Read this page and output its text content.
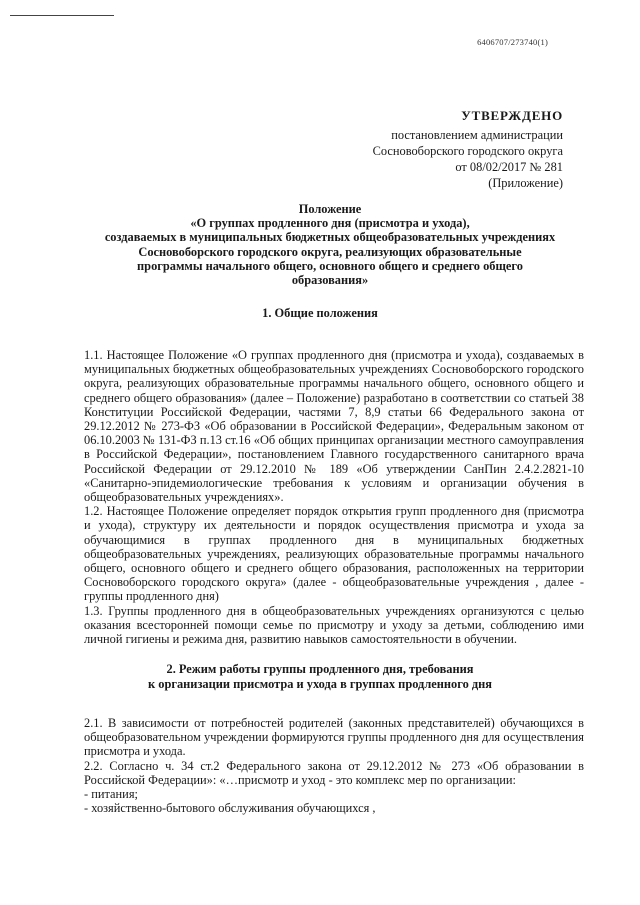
6406707/273740(1)
УТВЕРЖДЕНО
постановлением администрации
Сосновоборского городского округа
от 08/02/2017 № 281
(Приложение)
Положение
«О группах продленного дня (присмотра и ухода),
создаваемых в муниципальных бюджетных общеобразовательных учреждениях
Сосновоборского городского округа, реализующих образовательные
программы начального общего, основного общего и среднего общего
образования»
1. Общие положения

1.1. Настоящее Положение «О группах продленного дня (присмотра и ухода), создаваемых в муниципальных бюджетных общеобразовательных учреждениях Сосновоборского городского округа, реализующих образовательные программы начального общего, основного общего и среднего общего образования» (далее – Положение) разработано в соответствии со статьей 38 Конституции Российской Федерации, частями 7, 8,9 статьи 66 Федерального закона от 29.12.2012 № 273-ФЗ «Об образовании в Российской Федерации», Федеральным законом от 06.10.2003 № 131-ФЗ п.13 ст.16 «Об общих принципах организации местного самоуправления в Российской Федерации», постановлением Главного государственного санитарного врача Российской Федерации от 29.12.2010 № 189 «Об утверждении СанПин 2.4.2.2821-10 «Санитарно-эпидемиологические требования к условиям и организации обучения в общеобразовательных учреждениях».

1.2. Настоящее Положение определяет порядок открытия групп продленного дня (присмотра и ухода), структуру их деятельности и порядок осуществления присмотра и ухода за обучающимися в группах продленного дня в муниципальных бюджетных общеобразовательных учреждениях, реализующих образовательные программы начального общего, основного общего и среднего общего образования, расположенных на территории Сосновоборского городского округа» (далее - общеобразовательные учреждения , далее - группы продленного дня)

1.3. Группы продленного дня в общеобразовательных учреждениях организуются с целью оказания всесторонней помощи семье по присмотру и уходу за детьми, соблюдению ими личной гигиены и режима дня, развитию навыков самостоятельности в обучении.

2. Режим работы группы продленного дня, требования
к организации присмотра и ухода в группах продленного дня

2.1. В зависимости от потребностей родителей (законных представителей) обучающихся в общеобразовательном учреждении формируются группы продленного дня для осуществления присмотра и ухода.

2.2. Согласно ч. 34 ст.2 Федерального закона от 29.12.2012 № 273 «Об образовании в Российской Федерации»: «…присмотр и уход - это комплекс мер по организации:

- питания;

- хозяйственно-бытового обслуживания обучающихся ,
